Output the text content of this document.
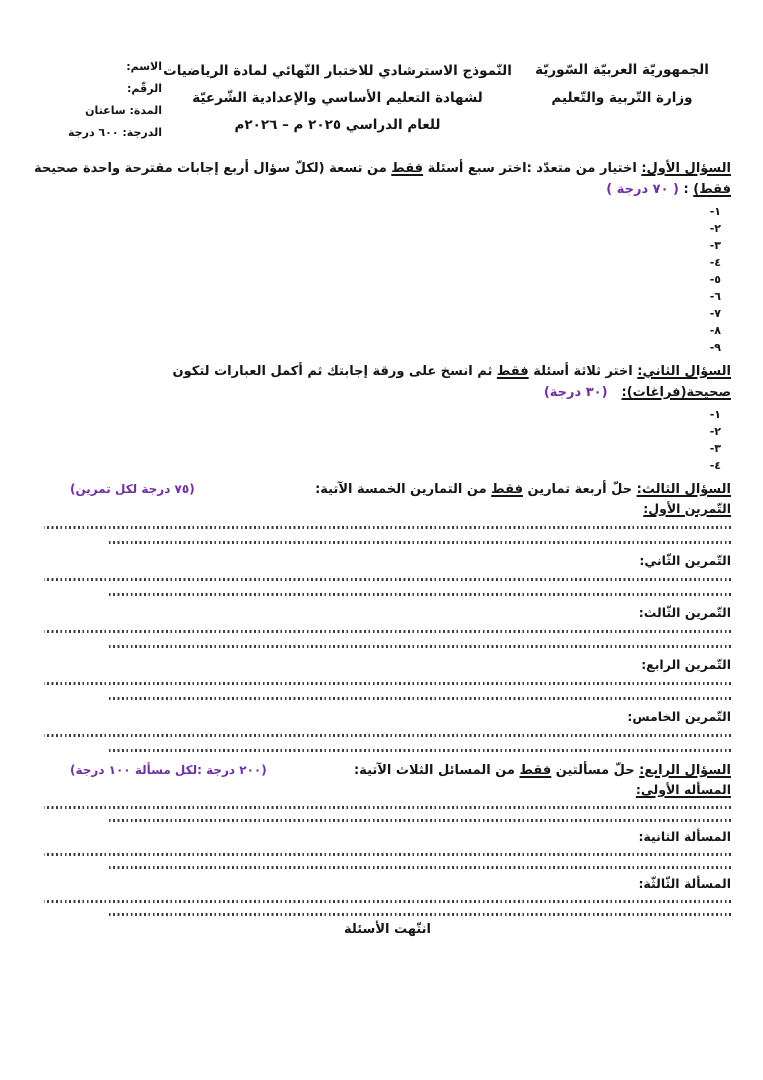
الجمهوريّة العربيّة السّوريّة
وزارة التّربية والتّعليم
النّموذج الاسترشادي للاختبار النّهائي لمادة الرياضيات
لشهادة التعليم الأساسي والإعدادية الشّرعيّة
للعام الدراسي ٢٠٢٥ م – ٢٠٢٦م
الاسم:
الرقّم:
المدة: ساعتان
الدرجة: ٦٠٠ درجة
السؤال الأول: اختيار من متعدّد :اختر سبع أسئلة فقط من تسعة (لكلّ سؤال أربع إجابات مقترحة واحدة صحيحة
فقط) : ( ٧٠ درجة )
١-
٢-
٣-
٤-
٥-
٦-
٧-
٨-
٩-
السؤال الثاني: اختر ثلاثة أسئلة فقط ثم انسخ على ورقة إجابتك ثم أكمل العبارات لتكون
صحيحة(فراغات):(٣٠ درجة)
١-
٢-
٣-
٤-
السؤال الثالث: حلّ أربعة تمارين فقط من التمارين الخمسة الآتية:
(٧٥ درجة لكل تمرين)
التّمرين الأول:
التّمرين الثّاني:
التّمرين الثّالث:
التّمرين الرابع:
التّمرين الخامس:
السؤال الرابع: حلّ مسألتين فقط من المسائل الثلاث الآتية:
(٢٠٠ درجة :لكل مسألة ١٠٠ درجة)
المسأله الأولى:
المسألة الثانية:
المسألة الثّالثّة:
انتّهت الأسئلة
